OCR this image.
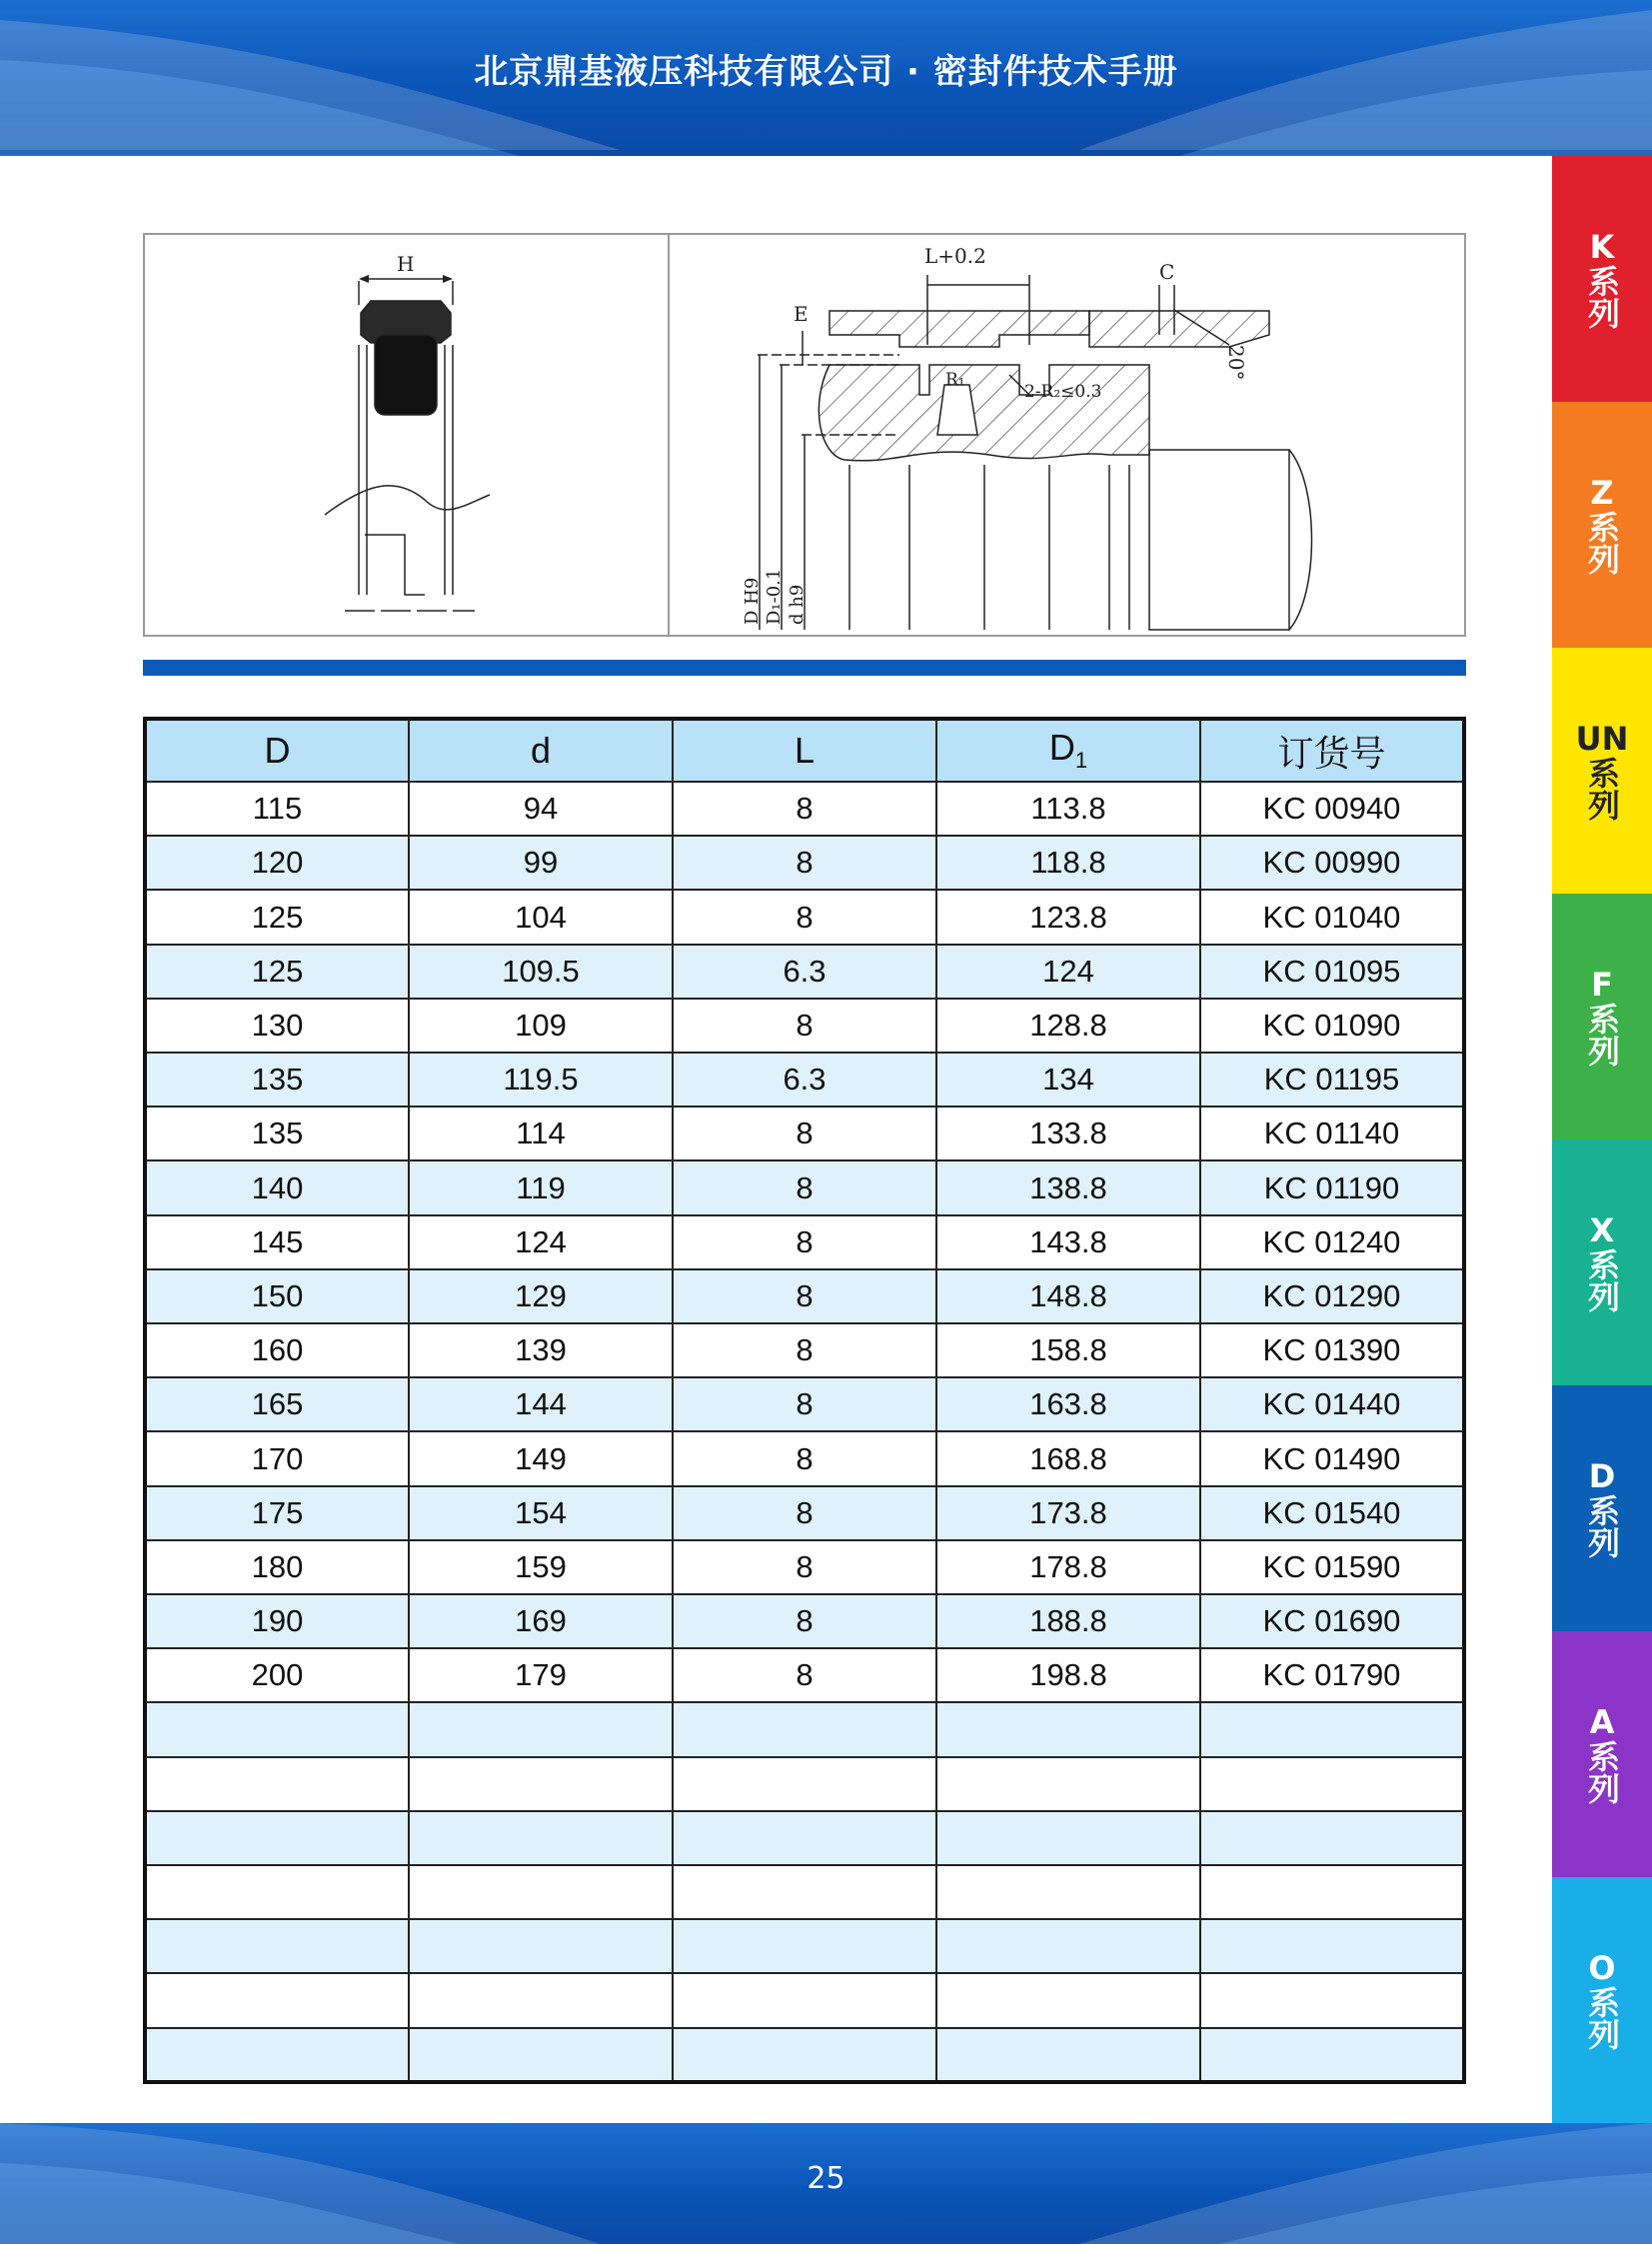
北京鼎基液压科技有限公司 · 密封件技术手册
K
系列
Z
系列
UN
系列
F
系列
X
系列
D
系列
A
系列
O
系列
H	L+0.2
C
20°
E
R₁
2-R₂≤0.3
D H9 D₁-0.1 d h9
D	d	L	$D_1$	订货号
115	94	8	113.8	KC 00940
120	99	8	118.8	KC 00990
125	104	8	123.8	KC 01040
125	109.5	6.3	124	KC 01095
130	109	8	128.8	KC 01090
135	119.5	6.3	134	KC 01195
135	114	8	133.8	KC 01140
140	119	8	138.8	KC 01190
145	124	8	143.8	KC 01240
150	129	8	148.8	KC 01290
160	139	8	158.8	KC 01390
165	144	8	163.8	KC 01440
170	149	8	168.8	KC 01490
175	154	8	173.8	KC 01540
180	159	8	178.8	KC 01590
190	169	8	188.8	KC 01690
200	179	8	198.8	KC 01790

25
